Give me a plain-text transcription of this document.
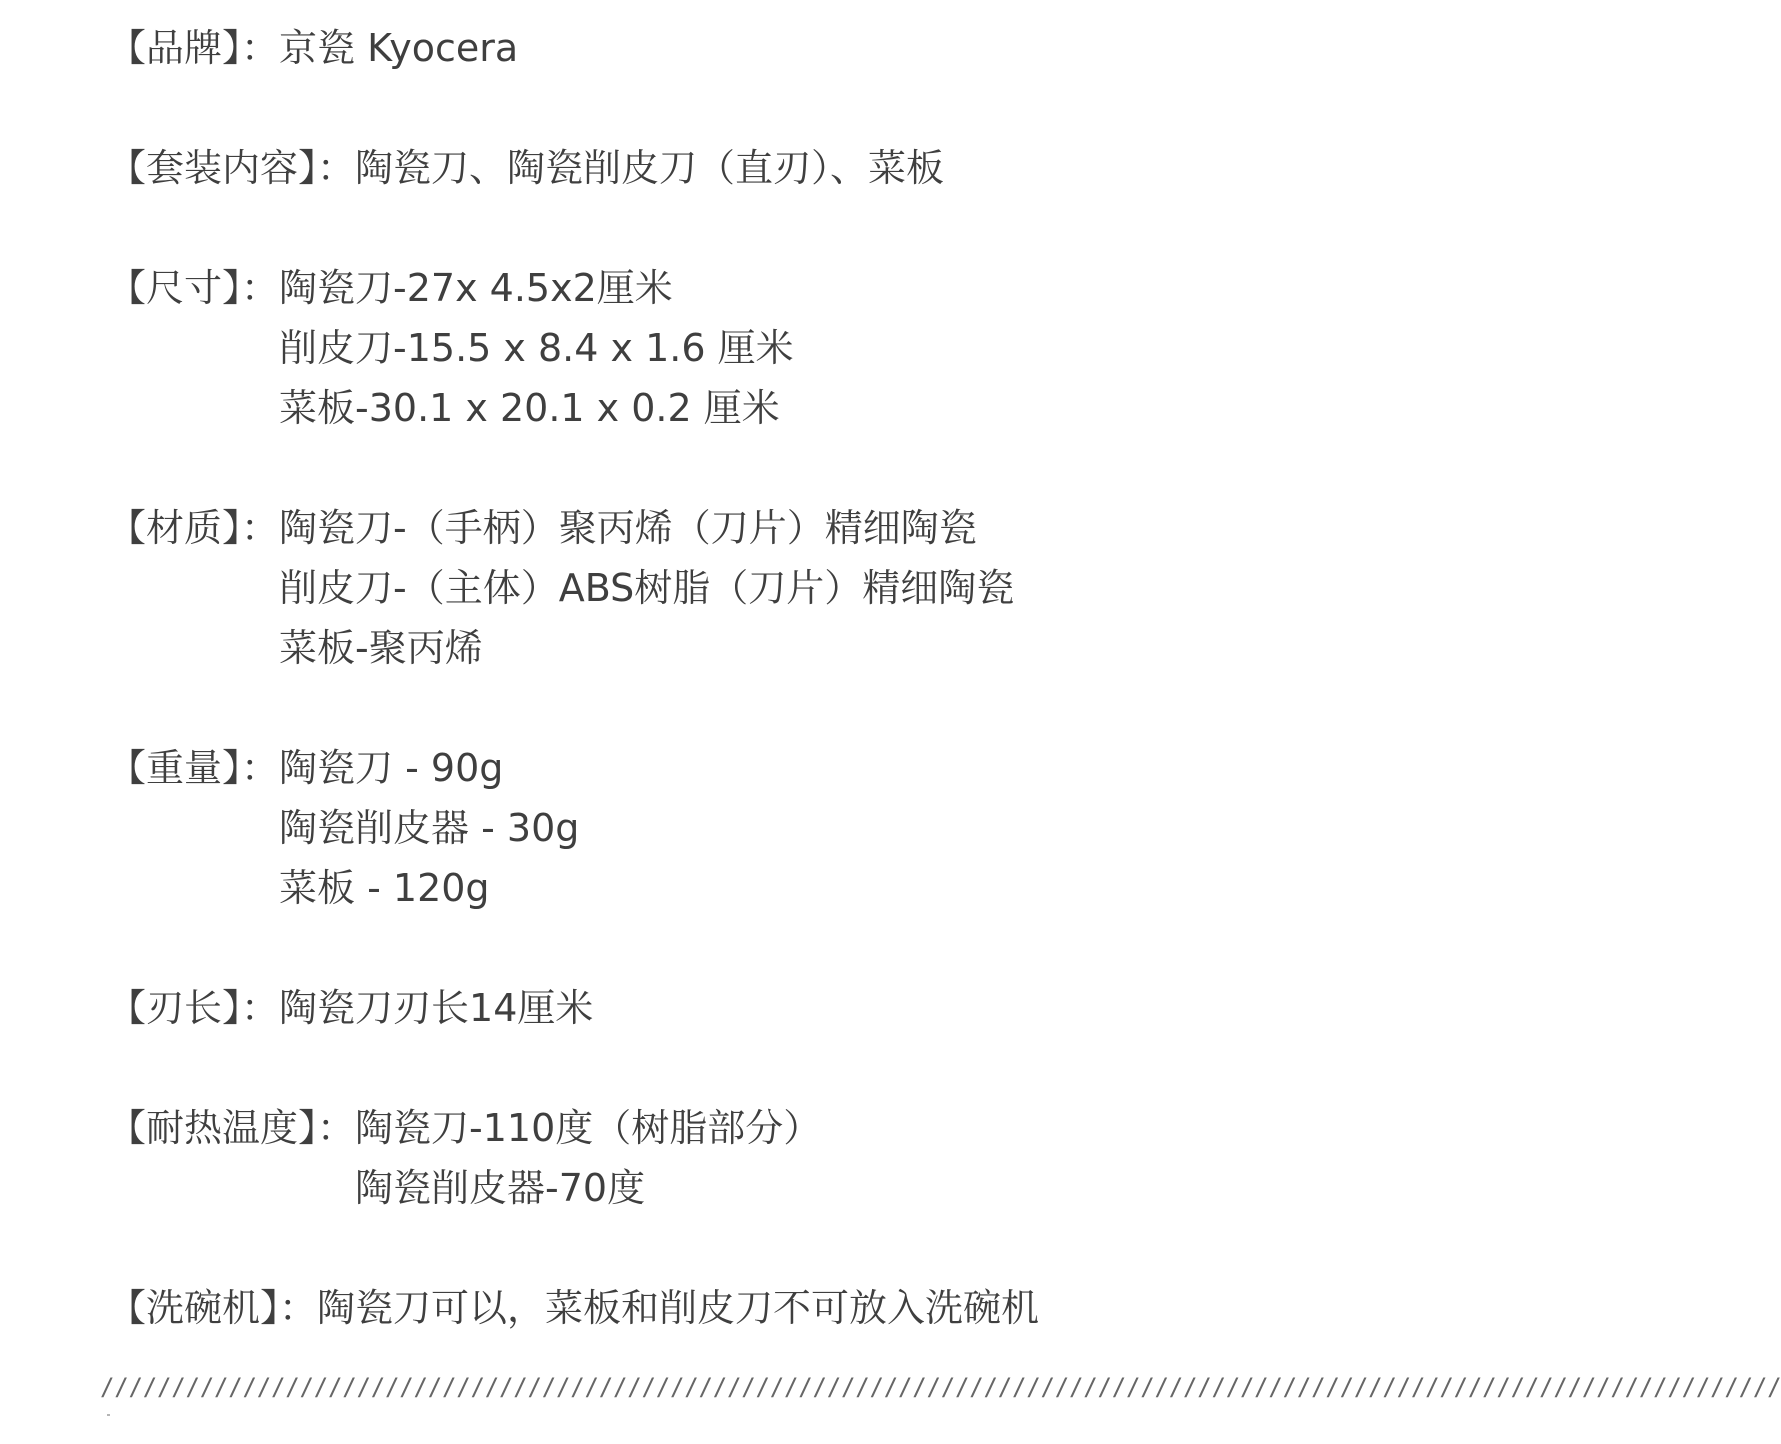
【品牌】： 京瓷 Kyocera
【套装内容】： 陶瓷刀、陶瓷削皮刀（直刃）、菜板
【尺寸】： 陶瓷刀-27x 4.5x2厘米
削皮刀-15.5 x 8.4 x 1.6 厘米
菜板-30.1 x 20.1 x 0.2 厘米
【材质】： 陶瓷刀-（手柄）聚丙烯（刀片）精细陶瓷
削皮刀-（主体）ABS树脂（刀片）精细陶瓷
菜板-聚丙烯
【重量】： 陶瓷刀 - 90g
陶瓷削皮器 - 30g
菜板 - 120g
【刃长】： 陶瓷刀刃长14厘米
【耐热温度】： 陶瓷刀-110度（树脂部分）
陶瓷削皮器-70度
【洗碗机】： 陶瓷刀可以，菜板和削皮刀不可放入洗碗机
//////////////////////////////////////////////////////////////////////////////////////////////////////////////////////
